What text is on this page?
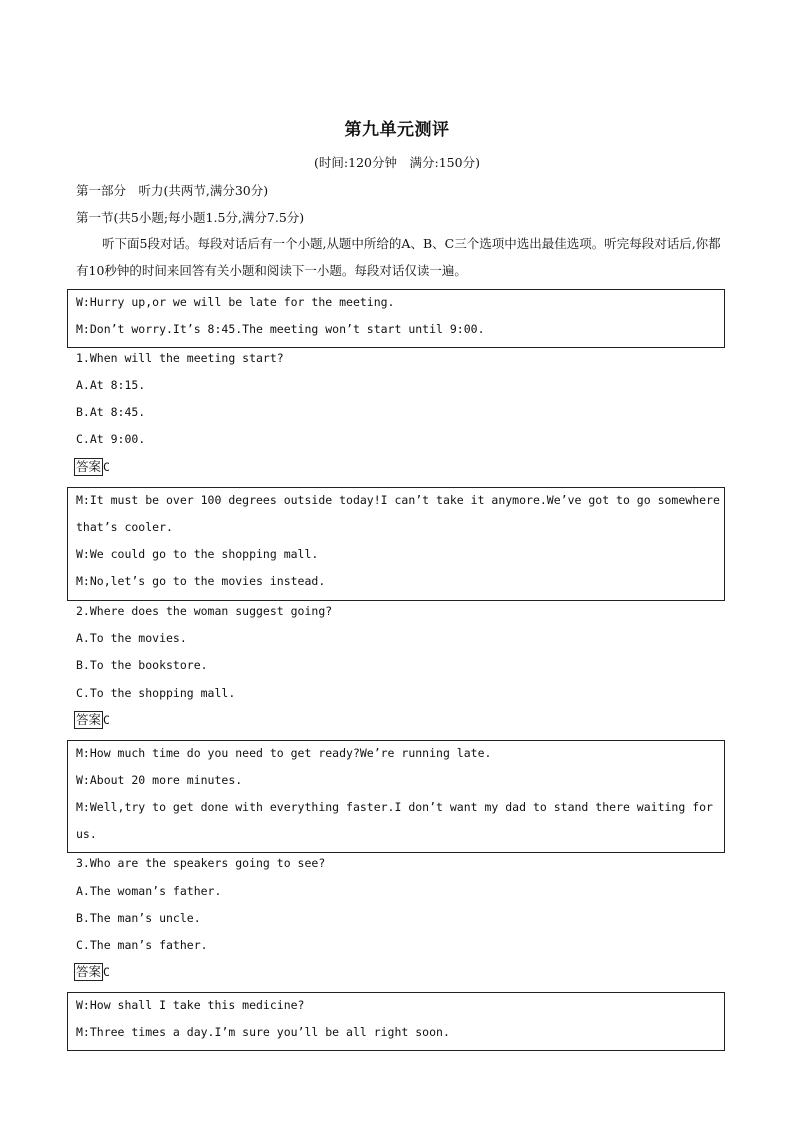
第九单元测评
(时间:120分钟　满分:150分)
第一部分　听力(共两节,满分30分)
第一节(共5小题;每小题1.5分,满分7.5分)
听下面5段对话。每段对话后有一个小题,从题中所给的A、B、C三个选项中选出最佳选项。听完每段对话后,你都有10秒钟的时间来回答有关小题和阅读下一小题。每段对话仅读一遍。
W:Hurry up,or we will be late for the meeting.
M:Don’t worry.It’s 8:45.The meeting won’t start until 9:00.
1.When will the meeting start?
A.At 8:15.
B.At 8:45.
C.At 9:00.
答案 C
M:It must be over 100 degrees outside today!I can’t take it anymore.We’ve got to go somewhere
that’s cooler.
W:We could go to the shopping mall.
M:No,let’s go to the movies instead.
2.Where does the woman suggest going?
A.To the movies.
B.To the bookstore.
C.To the shopping mall.
答案 C
M:How much time do you need to get ready?We’re running late.
W:About 20 more minutes.
M:Well,try to get done with everything faster.I don’t want my dad to stand there waiting for
us.
3.Who are the speakers going to see?
A.The woman’s father.
B.The man’s uncle.
C.The man’s father.
答案 C
W:How shall I take this medicine?
M:Three times a day.I’m sure you’ll be all right soon.
